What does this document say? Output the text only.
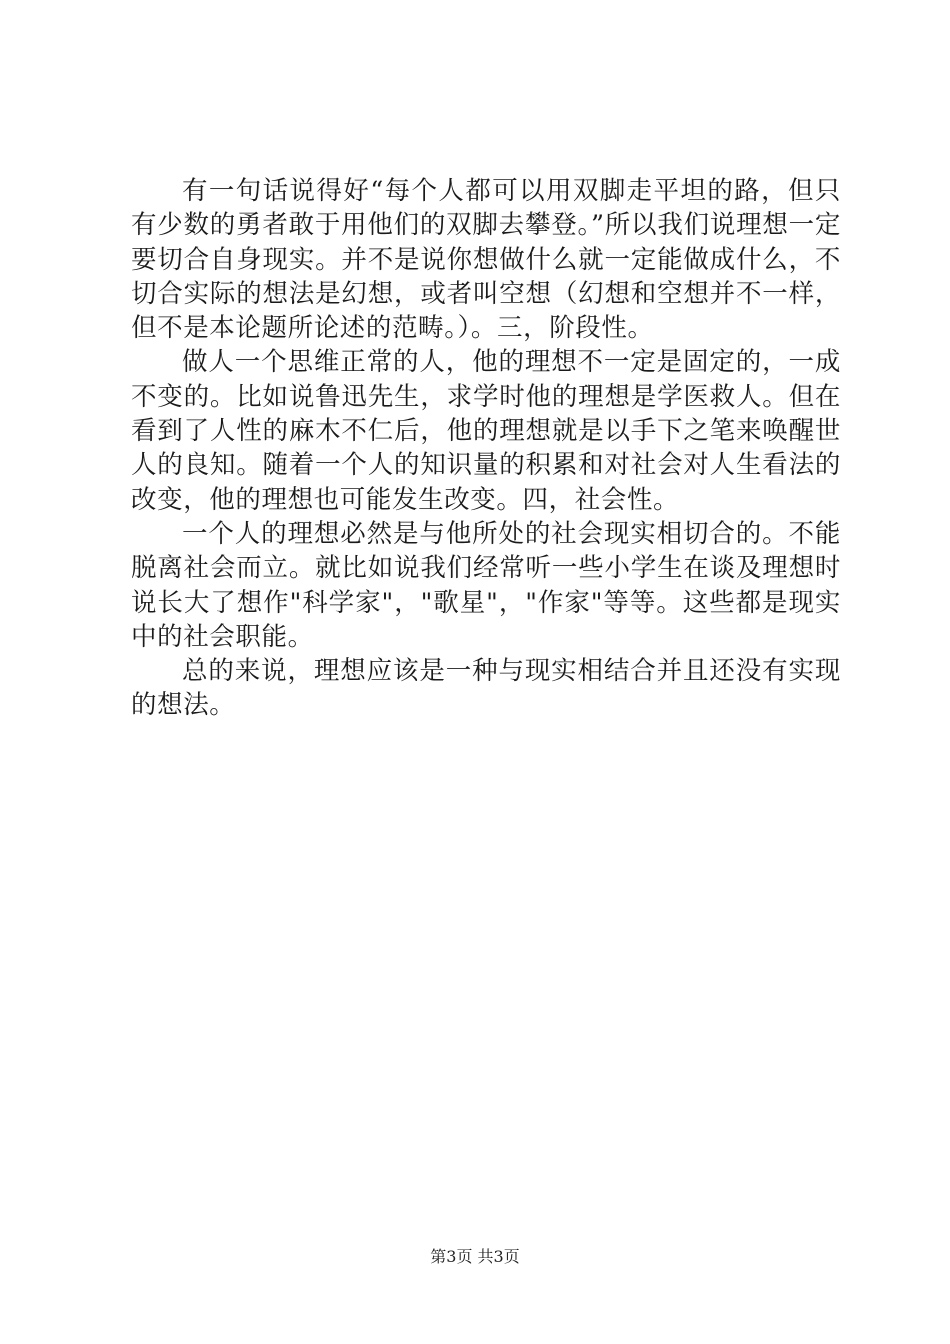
有一句话说得好“每个人都可以用双脚走平坦的路，但只有少数的勇者敢于用他们的双脚去攀登。”所以我们说理想一定要切合自身现实。并不是说你想做什么就一定能做成什么，不切合实际的想法是幻想，或者叫空想（幻想和空想并不一样，但不是本论题所论述的范畴。）。三，阶段性。

做人一个思维正常的人，他的理想不一定是固定的，一成不变的。比如说鲁迅先生，求学时他的理想是学医救人。但在看到了人性的麻木不仁后，他的理想就是以手下之笔来唤醒世人的良知。随着一个人的知识量的积累和对社会对人生看法的改变，他的理想也可能发生改变。四，社会性。

一个人的理想必然是与他所处的社会现实相切合的。不能脱离社会而立。就比如说我们经常听一些小学生在谈及理想时说长大了想作"科学家"，"歌星"，"作家"等等。这些都是现实中的社会职能。

总的来说，理想应该是一种与现实相结合并且还没有实现的想法。

第3页 共3页
